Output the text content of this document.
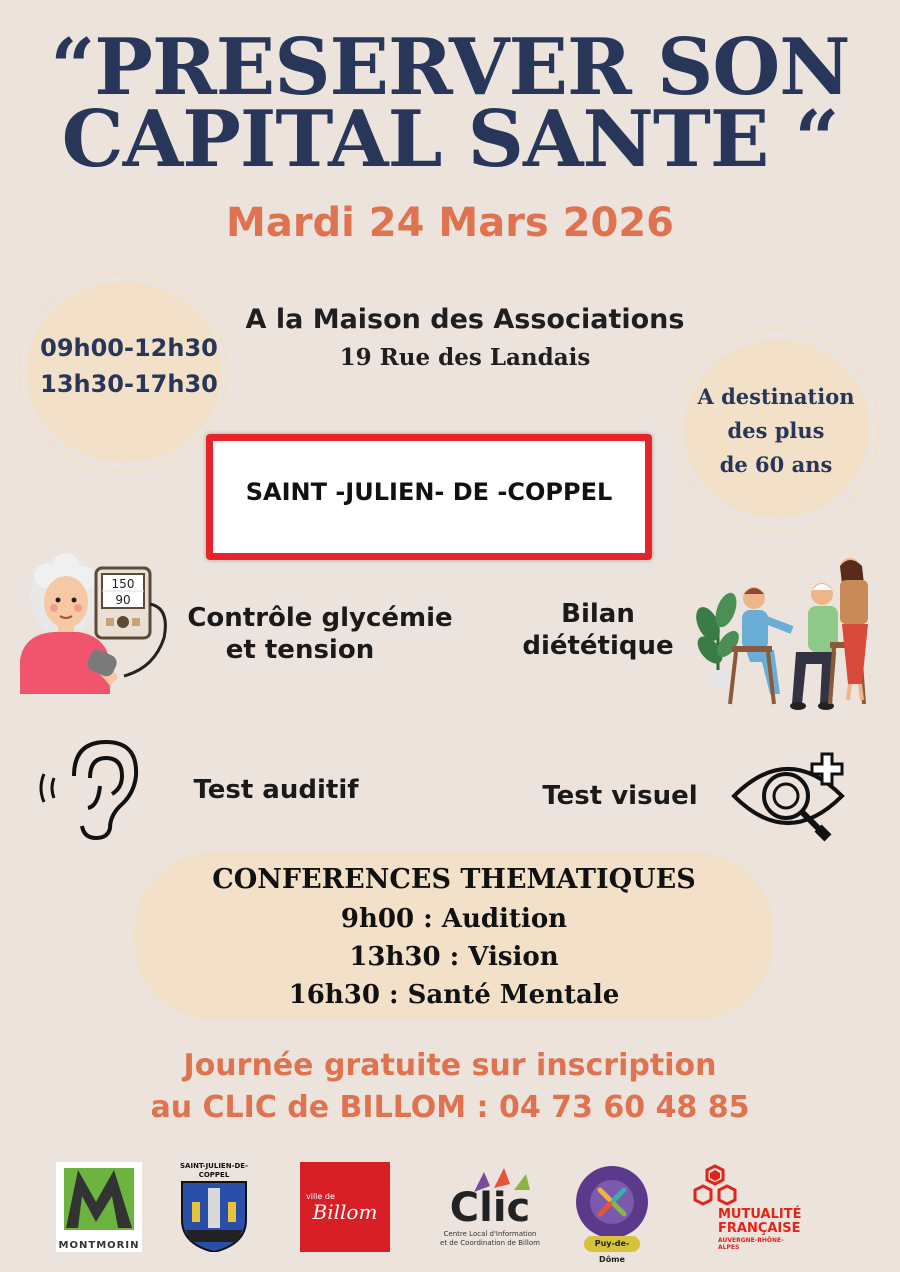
“PRESERVER SON
CAPITAL SANTE “
Mardi 24 Mars 2026
09h00-12h30
13h30-17h30
A la Maison des Associations
19 Rue des Landais
A destination
des plus
de 60 ans
SAINT -JULIEN- DE -COPPEL
150
90
Contrôle glycémie
et tension
Bilan
diététique
Test auditif	Test visuel
CONFERENCES THEMATIQUES
9h00 : Audition
13h30 : Vision
16h30 : Santé Mentale
Journée gratuite sur inscription
au CLIC de BILLOM : 04 73 60 48 85
MONTMORIN
SAINT-JULIEN-DE-COPPEL
ville de
Billom	Clic
Centre Local d'Information
et de Coordination de Billom	Puy-de-Dôme
MUTUALITÉ
FRANÇAISE
AUVERGNE-RHÔNE-ALPES
